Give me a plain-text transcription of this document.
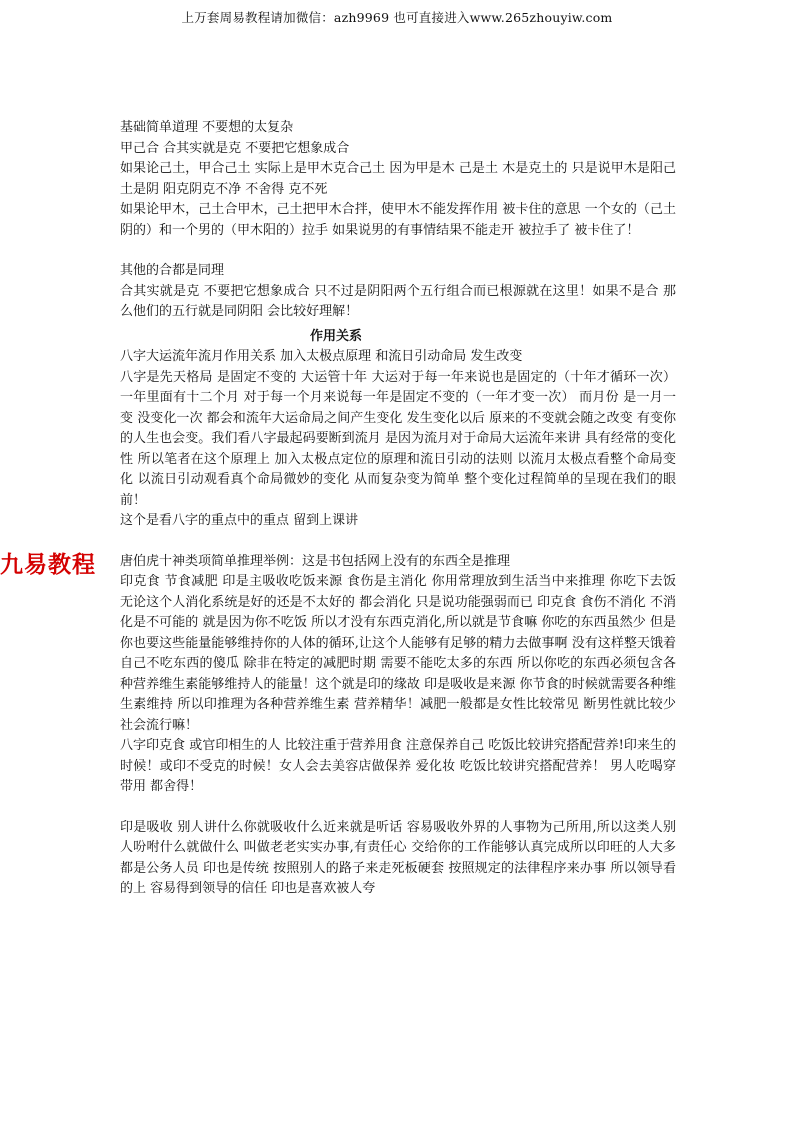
上万套周易教程请加微信：azh9969 也可直接进入www.265zhouyiw.com
九易教程

基础简单道理 不要想的太复杂

甲己合 合其实就是克 不要把它想象成合

如果论己土，甲合己土 实际上是甲木克合己土 因为甲是木 己是土 木是克土的 只是说甲木是阳己土是阴 阳克阴克不净 不舍得 克不死

如果论甲木，己土合甲木，己土把甲木合拌，使甲木不能发挥作用 被卡住的意思 一个女的（己土阴的）和一个男的（甲木阳的）拉手 如果说男的有事情结果不能走开 被拉手了 被卡住了！

其他的合都是同理

合其实就是克 不要把它想象成合 只不过是阴阳两个五行组合而已根源就在这里！如果不是合 那么他们的五行就是同阴阳 会比较好理解！

作用关系

八字大运流年流月作用关系 加入太极点原理 和流日引动命局 发生改变

八字是先天格局 是固定不变的 大运管十年 大运对于每一年来说也是固定的（十年才循环一次）一年里面有十二个月 对于每一个月来说每一年是固定不变的（一年才变一次） 而月份 是一月一变 没变化一次 都会和流年大运命局之间产生变化 发生变化以后 原来的不变就会随之改变 有变你的人生也会变。我们看八字最起码要断到流月 是因为流月对于命局大运流年来讲 具有经常的变化性 所以笔者在这个原理上 加入太极点定位的原理和流日引动的法则 以流月太极点看整个命局变化 以流日引动观看真个命局微妙的变化 从而复杂变为简单 整个变化过程简单的呈现在我们的眼前！

这个是看八字的重点中的重点 留到上课讲

唐伯虎十神类项简单推理举例：这是书包括网上没有的东西全是推理

印克食 节食减肥 印是主吸收吃饭来源 食伤是主消化 你用常理放到生活当中来推理 你吃下去饭 无论这个人消化系统是好的还是不太好的 都会消化 只是说功能强弱而已 印克食 食伤不消化 不消化是不可能的 就是因为你不吃饭 所以才没有东西克消化,所以就是节食嘛 你吃的东西虽然少 但是你也要这些能量能够维持你的人体的循环,让这个人能够有足够的精力去做事啊 没有这样整天饿着自己不吃东西的傻瓜 除非在特定的减肥时期 需要不能吃太多的东西 所以你吃的东西必须包含各种营养维生素能够维持人的能量！这个就是印的缘故 印是吸收是来源 你节食的时候就需要各种维生素维持 所以印推理为各种营养维生素 营养精华！减肥一般都是女性比较常见 断男性就比较少 社会流行嘛！

八字印克食 或官印相生的人 比较注重于营养用食 注意保养自己 吃饭比较讲究搭配营养!印来生的时候！或印不受克的时候！女人会去美容店做保养 爱化妆 吃饭比较讲究搭配营养！ 男人吃喝穿带用 都舍得！

印是吸收 别人讲什么你就吸收什么近来就是听话 容易吸收外界的人事物为己所用,所以这类人别人吩咐什么就做什么 叫做老老实实办事,有责任心 交给你的工作能够认真完成所以印旺的人大多都是公务人员 印也是传统 按照别人的路子来走死板硬套 按照规定的法律程序来办事 所以领导看的上 容易得到领导的信任 印也是喜欢被人夸
